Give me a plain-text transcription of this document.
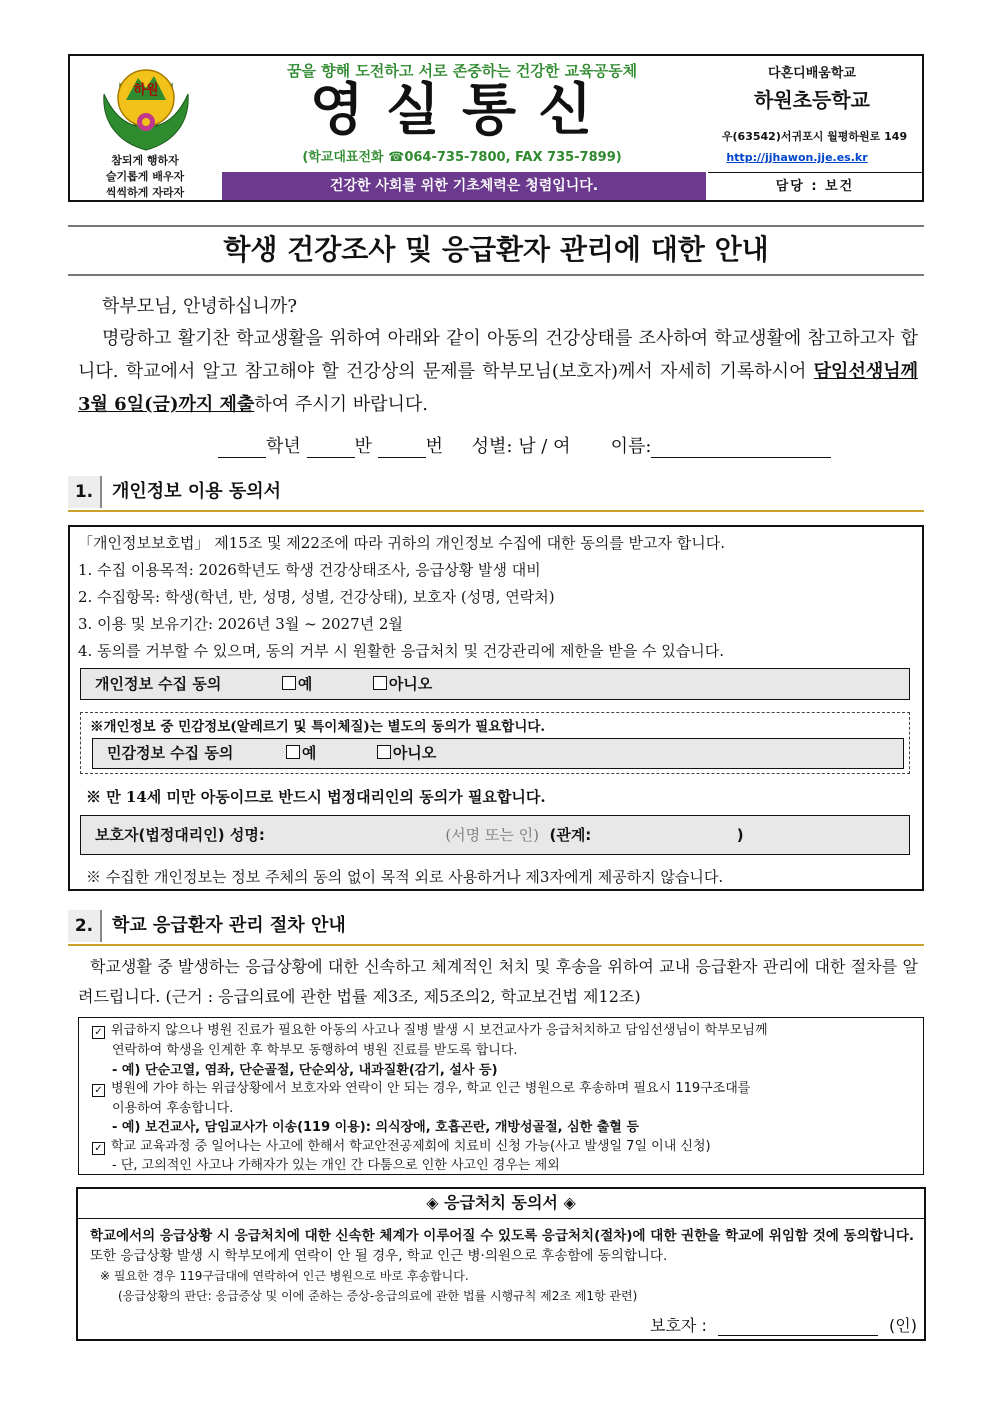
하원
참되게 행하자
슬기롭게 배우자
씩씩하게 자라자
꿈을 향해 도전하고 서로 존중하는 건강한 교육공동체
영실통신
(학교대표전화 ☎064-735-7800, FAX 735-7899)
건강한 사회를 위한 기초체력은 청렴입니다.
다혼디배움학교
하원초등학교
우(63542)서귀포시 월평하원로 149
http://jjhawon.jje.es.kr
담당 : 보건
학생 건강조사 및 응급환자 관리에 대한 안내
학부모님, 안녕하십니까?
명랑하고 활기찬 학교생활을 위하여 아래와 같이 아동의 건강상태를 조사하여 학교생활에 참고하고자 합니다. 학교에서 알고 참고해야 할 건강상의 문제를 학부모님(보호자)께서 자세히 기록하시어 담임선생님께 3월 6일(금)까지 제출하여 주시기 바랍니다.
학년	반	번 성별: 남 / 여 이름:
1.	개인정보 이용 동의서
「개인정보보호법」 제15조 및 제22조에 따라 귀하의 개인정보 수집에 대한 동의를 받고자 합니다.
1. 수집 이용목적: 2026학년도 학생 건강상태조사, 응급상황 발생 대비
2. 수집항목: 학생(학년, 반, 성명, 성별, 건강상태), 보호자 (성명, 연락처)
3. 이용 및 보유기간: 2026년 3월 ~ 2027년 2월
4. 동의를 거부할 수 있으며, 동의 거부 시 원활한 응급처치 및 건강관리에 제한을 받을 수 있습니다.
개인정보 수집 동의	예	아니오
※개인정보 중 민감정보(알레르기 및 특이체질)는 별도의 동의가 필요합니다.
민감정보 수집 동의	예	아니오
※ 만 14세 미만 아동이므로 반드시 법정대리인의 동의가 필요합니다.
보호자(법정대리인) 성명:	(서명 또는 인) (관계:	)
※ 수집한 개인정보는 정보 주체의 동의 없이 목적 외로 사용하거나 제3자에게 제공하지 않습니다.
2.	학교 응급환자 관리 절차 안내
학교생활 중 발생하는 응급상황에 대한 신속하고 체계적인 처치 및 후송을 위하여 교내 응급환자 관리에 대한 절차를 알려드립니다. (근거 : 응급의료에 관한 법률 제3조, 제5조의2, 학교보건법 제12조)
✓ 위급하지 않으나 병원 진료가 필요한 아동의 사고나 질병 발생 시 보건교사가 응급처치하고 담임선생님이 학부모님께
연락하여 학생을 인계한 후 학부모 동행하여 병원 진료를 받도록 합니다.
- 예) 단순고열, 염좌, 단순골절, 단순외상, 내과질환(감기, 설사 등)
✓ 병원에 가야 하는 위급상황에서 보호자와 연락이 안 되는 경우, 학교 인근 병원으로 후송하며 필요시 119구조대를
이용하여 후송합니다.
- 예) 보건교사, 담임교사가 이송(119 이용): 의식장애, 호흡곤란, 개방성골절, 심한 출혈 등
✓ 학교 교육과정 중 일어나는 사고에 한해서 학교안전공제회에 치료비 신청 가능(사고 발생일 7일 이내 신청)
- 단, 고의적인 사고나 가해자가 있는 개인 간 다툼으로 인한 사고인 경우는 제외
◈ 응급처치 동의서 ◈
학교에서의 응급상황 시 응급처치에 대한 신속한 체계가 이루어질 수 있도록 응급처치(절차)에 대한 권한을 학교에 위임함 것에 동의합니다. 또한 응급상황 발생 시 학부모에게 연락이 안 될 경우, 학교 인근 병·의원으로 후송함에 동의합니다.
※ 필요한 경우 119구급대에 연락하여 인근 병원으로 바로 후송합니다.
(응급상황의 판단: 응급증상 및 이에 준하는 증상-응급의료에 관한 법률 시행규칙 제2조 제1항 관련)
보호자 :	(인)
